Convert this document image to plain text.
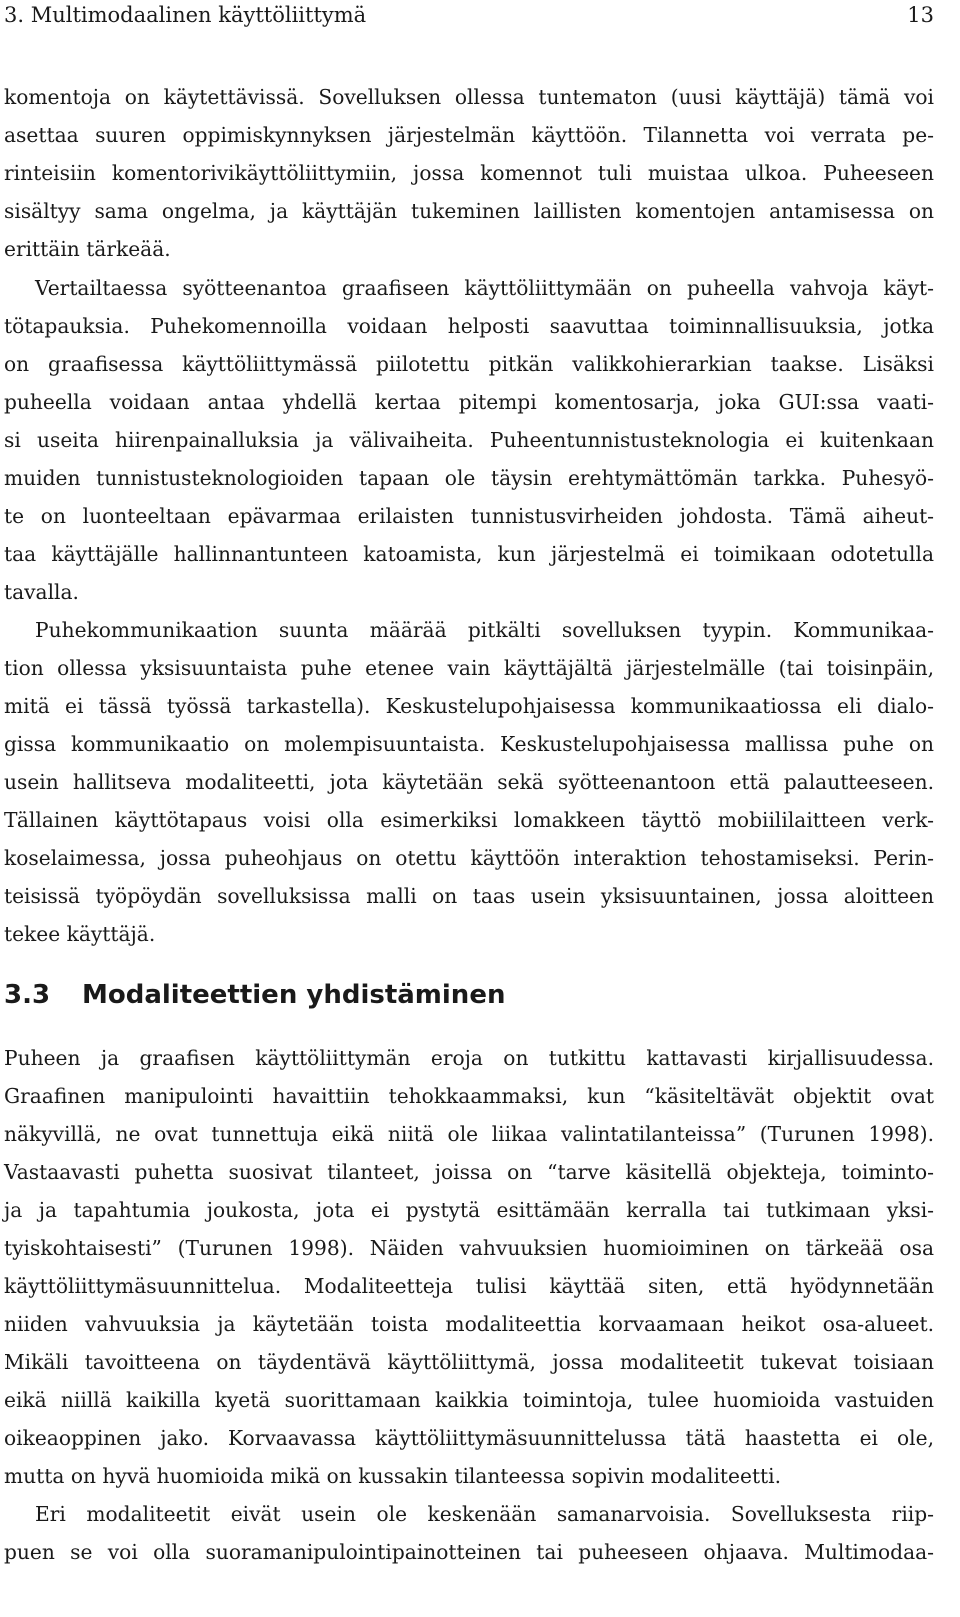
3. Multimodaalinen käyttöliittymä	13
komentoja on käytettävissä. Sovelluksen ollessa tuntematon (uusi käyttäjä) tämä voi
asettaa suuren oppimiskynnyksen järjestelmän käyttöön. Tilannetta voi verrata pe-
rinteisiin komentorivikäyttöliittymiin, jossa komennot tuli muistaa ulkoa. Puheeseen
sisältyy sama ongelma, ja käyttäjän tukeminen laillisten komentojen antamisessa on
erittäin tärkeää.
Vertailtaessa syötteenantoa graafiseen käyttöliittymään on puheella vahvoja käyt-
tötapauksia. Puhekomennoilla voidaan helposti saavuttaa toiminnallisuuksia, jotka
on graafisessa käyttöliittymässä piilotettu pitkän valikkohierarkian taakse. Lisäksi
puheella voidaan antaa yhdellä kertaa pitempi komentosarja, joka GUI:ssa vaati-
si useita hiirenpainalluksia ja välivaiheita. Puheentunnistusteknologia ei kuitenkaan
muiden tunnistusteknologioiden tapaan ole täysin erehtymättömän tarkka. Puhesyö-
te on luonteeltaan epävarmaa erilaisten tunnistusvirheiden johdosta. Tämä aiheut-
taa käyttäjälle hallinnantunteen katoamista, kun järjestelmä ei toimikaan odotetulla
tavalla.
Puhekommunikaation suunta määrää pitkälti sovelluksen tyypin. Kommunikaa-
tion ollessa yksisuuntaista puhe etenee vain käyttäjältä järjestelmälle (tai toisinpäin,
mitä ei tässä työssä tarkastella). Keskustelupohjaisessa kommunikaatiossa eli dialo-
gissa kommunikaatio on molempisuuntaista. Keskustelupohjaisessa mallissa puhe on
usein hallitseva modaliteetti, jota käytetään sekä syötteenantoon että palautteeseen.
Tällainen käyttötapaus voisi olla esimerkiksi lomakkeen täyttö mobiililaitteen verk-
koselaimessa, jossa puheohjaus on otettu käyttöön interaktion tehostamiseksi. Perin-
teisissä työpöydän sovelluksissa malli on taas usein yksisuuntainen, jossa aloitteen
tekee käyttäjä.
3.3 Modaliteettien yhdistäminen
Puheen ja graafisen käyttöliittymän eroja on tutkittu kattavasti kirjallisuudessa.
Graafinen manipulointi havaittiin tehokkaammaksi, kun “käsiteltävät objektit ovat
näkyvillä, ne ovat tunnettuja eikä niitä ole liikaa valintatilanteissa” (Turunen 1998).
Vastaavasti puhetta suosivat tilanteet, joissa on “tarve käsitellä objekteja, toiminto-
ja ja tapahtumia joukosta, jota ei pystytä esittämään kerralla tai tutkimaan yksi-
tyiskohtaisesti” (Turunen 1998). Näiden vahvuuksien huomioiminen on tärkeää osa
käyttöliittymäsuunnittelua. Modaliteetteja tulisi käyttää siten, että hyödynnetään
niiden vahvuuksia ja käytetään toista modaliteettia korvaamaan heikot osa-alueet.
Mikäli tavoitteena on täydentävä käyttöliittymä, jossa modaliteetit tukevat toisiaan
eikä niillä kaikilla kyetä suorittamaan kaikkia toimintoja, tulee huomioida vastuiden
oikeaoppinen jako. Korvaavassa käyttöliittymäsuunnittelussa tätä haastetta ei ole,
mutta on hyvä huomioida mikä on kussakin tilanteessa sopivin modaliteetti.
Eri modaliteetit eivät usein ole keskenään samanarvoisia. Sovelluksesta riip-
puen se voi olla suoramanipulointipainotteinen tai puheeseen ohjaava. Multimodaa-
